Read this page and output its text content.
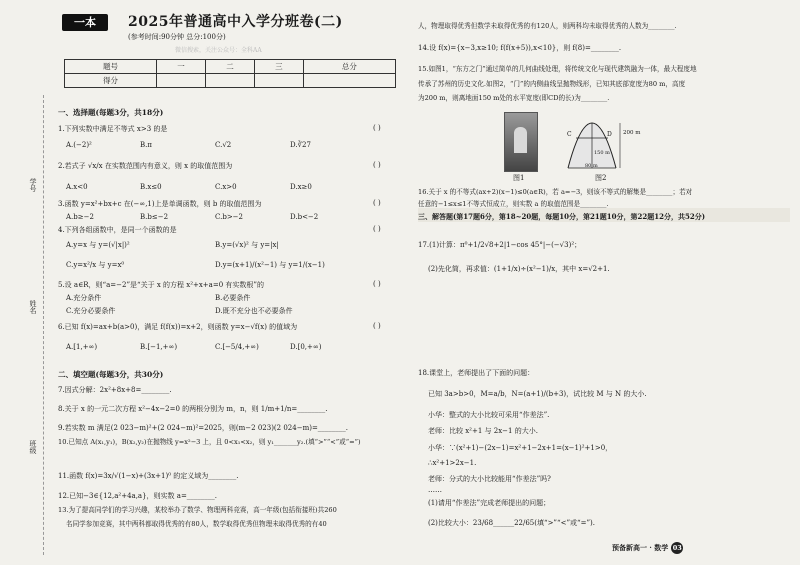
一本	2025年普通高中入学分班卷(二)
(参考时间:90分钟 总分:100分)
微信搜索，关注公众号：全科AA
题号	一	二	三	总分
得分				
学号
姓名
班级
一、选择题(每题3分，共18分)
1.下列实数中满足不等式 x>3 的是	( )
A.(−2)²	B.π	C.√2	D.∛27
2.若式子 √x/x 在实数范围内有意义，则 x 的取值范围为	( )
A.x<0	B.x≤0	C.x>0	D.x≥0
3.函数 y=x²+bx+c 在(−∞,1)上是单调函数，则 b 的取值范围为	( )
A.b≥−2	B.b≤−2	C.b>−2	D.b<−2
4.下列各组函数中，是同一个函数的是	( )
A.y=x 与 y=(√|x|)²	B.y=(√x)² 与 y=|x|
C.y=x²/x 与 y=x⁰	D.y=(x+1)/(x²−1) 与 y=1/(x−1)
5.设 a∈R，则“a=−2”是“关于 x 的方程 x²+x+a=0 有实数根”的	( )
A.充分条件	B.必要条件
C.充分必要条件	D.既不充分也不必要条件
6.已知 f(x)=ax+b(a>0)，满足 f(f(x))=x+2，则函数 y=x−√f(x) 的值域为	( )
A.[1,+∞)	B.[−1,+∞)	C.[−5/4,+∞)	D.[0,+∞)
二、填空题(每题3分，共30分)
7.因式分解：2x²+8x+8=________.
8.关于 x 的一元二次方程 x²−4x−2=0 的两根分别为 m，n，则 1/m+1/n=________.
9.若实数 m 满足(2 023−m)²+(2 024−m)²=2025，则(m−2 023)(2 024−m)=________.
10.已知点 A(x₁,y₁)，B(x₂,y₂)在抛物线 y=x²−3 上，且 0<x₁<x₂，则 y₁_______y₂.(填“>”“<”或“=”)
11.函数 f(x)=3x/√(1−x)+(3x+1)⁰ 的定义域为________.
12.已知−3∈{12,a²+4a,a}，则实数 a=________.
13.为了提高同学们的学习兴趣，某校举办了数学、物理两科竞赛，高一年级(包括衔接班)共260
名同学参加竞赛，其中两科都取得优秀的有80人，数学取得优秀但物理未取得优秀的有40
人，物理取得优秀但数学未取得优秀的有120人，则两科均未取得优秀的人数为________.
14.设 f(x)={x−3,x≥10; f(f(x+5)),x<10}，则 f(8)=________.
15.如图1，“东方之门”通过简单的几何曲线处理，将传统文化与现代建筑融为一体，最大程度地
传承了苏州的历史文化.如图2，“门”的内侧曲线呈抛物线形，已知其底部宽度为80 m，高度
为200 m，则离地面150 m处的水平宽度(即CD的长)为________.
图1
C	D 200 m
150 m
80 m
图2
16.关于 x 的不等式(ax+2)(x−1)≤0(a∈R)，若 a=−3，则该不等式的解集是________；若对
任意的−1≤x≤1不等式恒成立，则实数 a 的取值范围是________.
三、解答题(第17题6分，第18~20题，每题10分，第21题10分，第22题12分，共52分)
17.(1)计算：π⁰+1/2√8+2|1−cos 45°|−(−√3)²；
(2)先化简，再求值：(1+1/x)÷(x²−1)/x，其中 x=√2+1.
18.课堂上，老师提出了下面的问题：
已知 3a>b>0，M=a/b，N=(a+1)/(b+3)，试比较 M 与 N 的大小.
小华：整式的大小比较可采用“作差法”.
老师：比较 x²+1 与 2x−1 的大小.
小华：∵(x²+1)−(2x−1)=x²+1−2x+1=(x−1)²+1>0，
∴x²+1>2x−1.
老师：分式的大小比较能用“作差法”吗?
……
(1)请用“作差法”完成老师提出的问题；
(2)比较大小：23/68______22/65(填“>”“<”或“=”).
预备新高一 · 数学 03
